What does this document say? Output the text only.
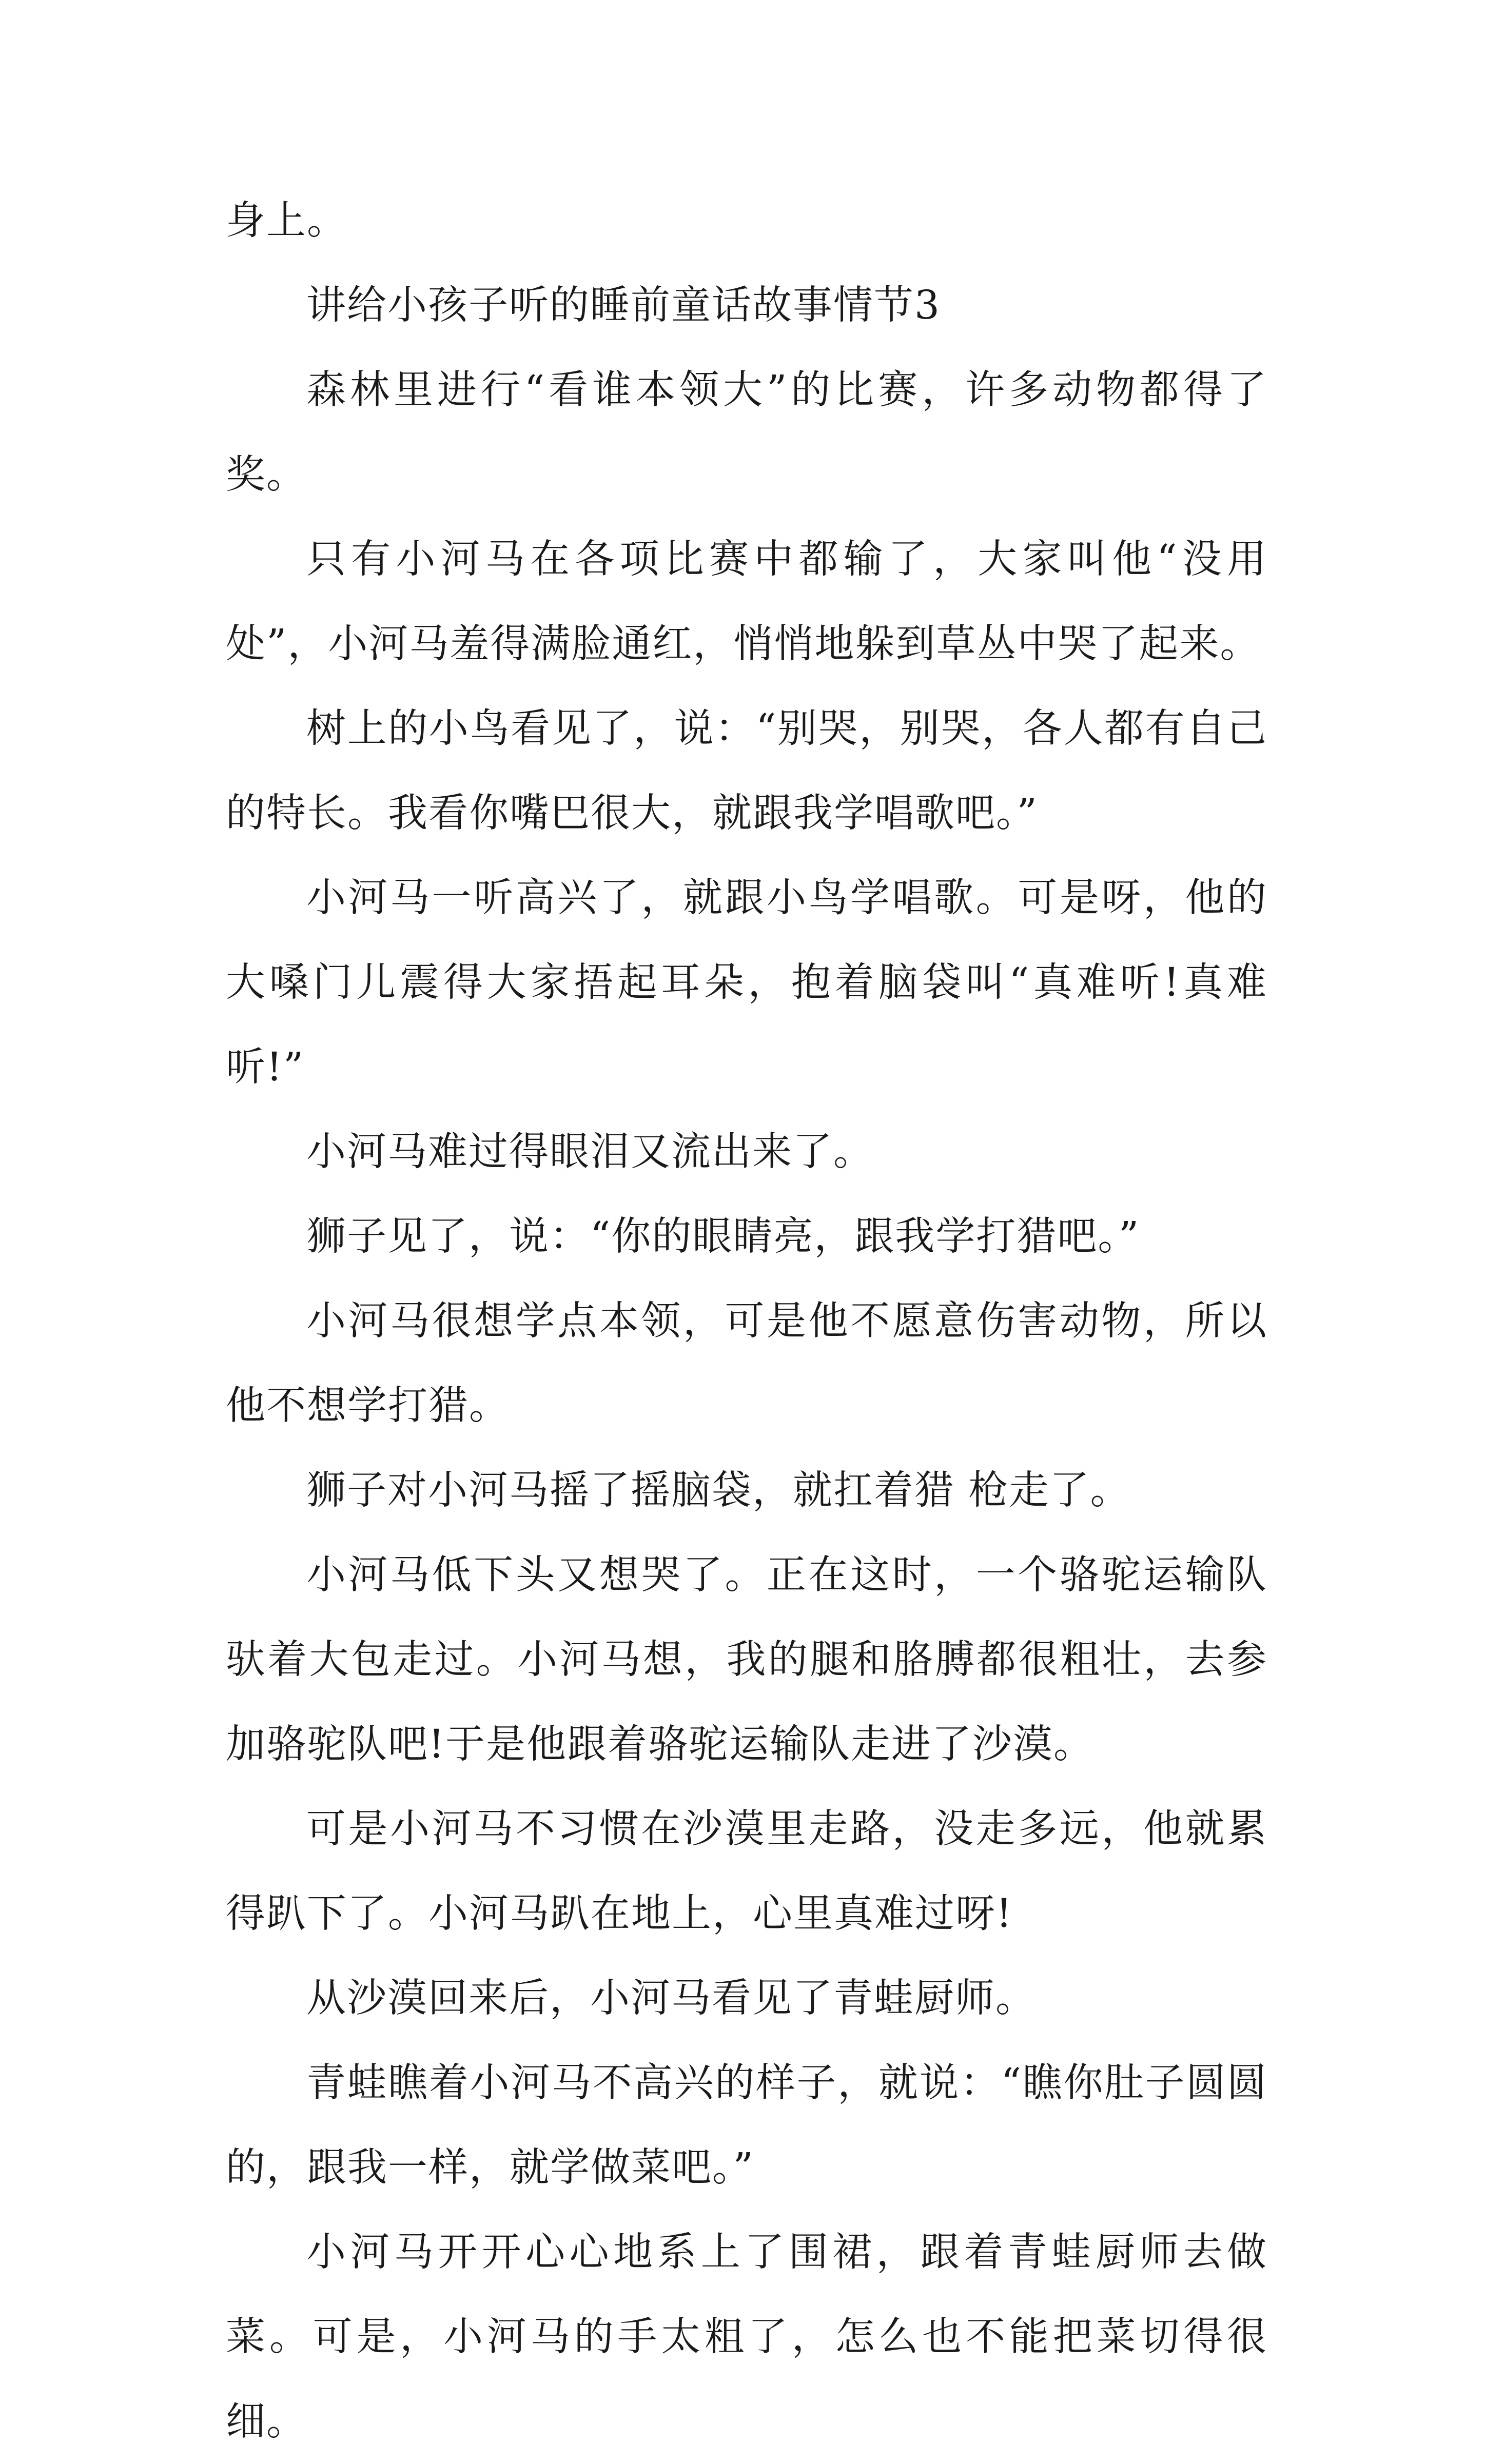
身上。

讲给小孩子听的睡前童话故事情节3

森林里进行“看谁本领大”的比赛，许多动物都得了奖。

只有小河马在各项比赛中都输了，大家叫他“没用处”，小河马羞得满脸通红，悄悄地躲到草丛中哭了起来。

树上的小鸟看见了，说：“别哭，别哭，各人都有自己的特长。我看你嘴巴很大，就跟我学唱歌吧。”

小河马一听高兴了，就跟小鸟学唱歌。可是呀，他的大嗓门儿震得大家捂起耳朵，抱着脑袋叫“真难听!真难听!”

小河马难过得眼泪又流出来了。

狮子见了，说：“你的眼睛亮，跟我学打猎吧。”

小河马很想学点本领，可是他不愿意伤害动物，所以他不想学打猎。

狮子对小河马摇了摇脑袋，就扛着猎 枪走了。

小河马低下头又想哭了。正在这时，一个骆驼运输队驮着大包走过。小河马想，我的腿和胳膊都很粗壮，去参加骆驼队吧!于是他跟着骆驼运输队走进了沙漠。

可是小河马不习惯在沙漠里走路，没走多远，他就累得趴下了。小河马趴在地上，心里真难过呀!

从沙漠回来后，小河马看见了青蛙厨师。

青蛙瞧着小河马不高兴的样子，就说：“瞧你肚子圆圆的，跟我一样，就学做菜吧。”

小河马开开心心地系上了围裙，跟着青蛙厨师去做菜。可是，小河马的手太粗了，怎么也不能把菜切得很细。
